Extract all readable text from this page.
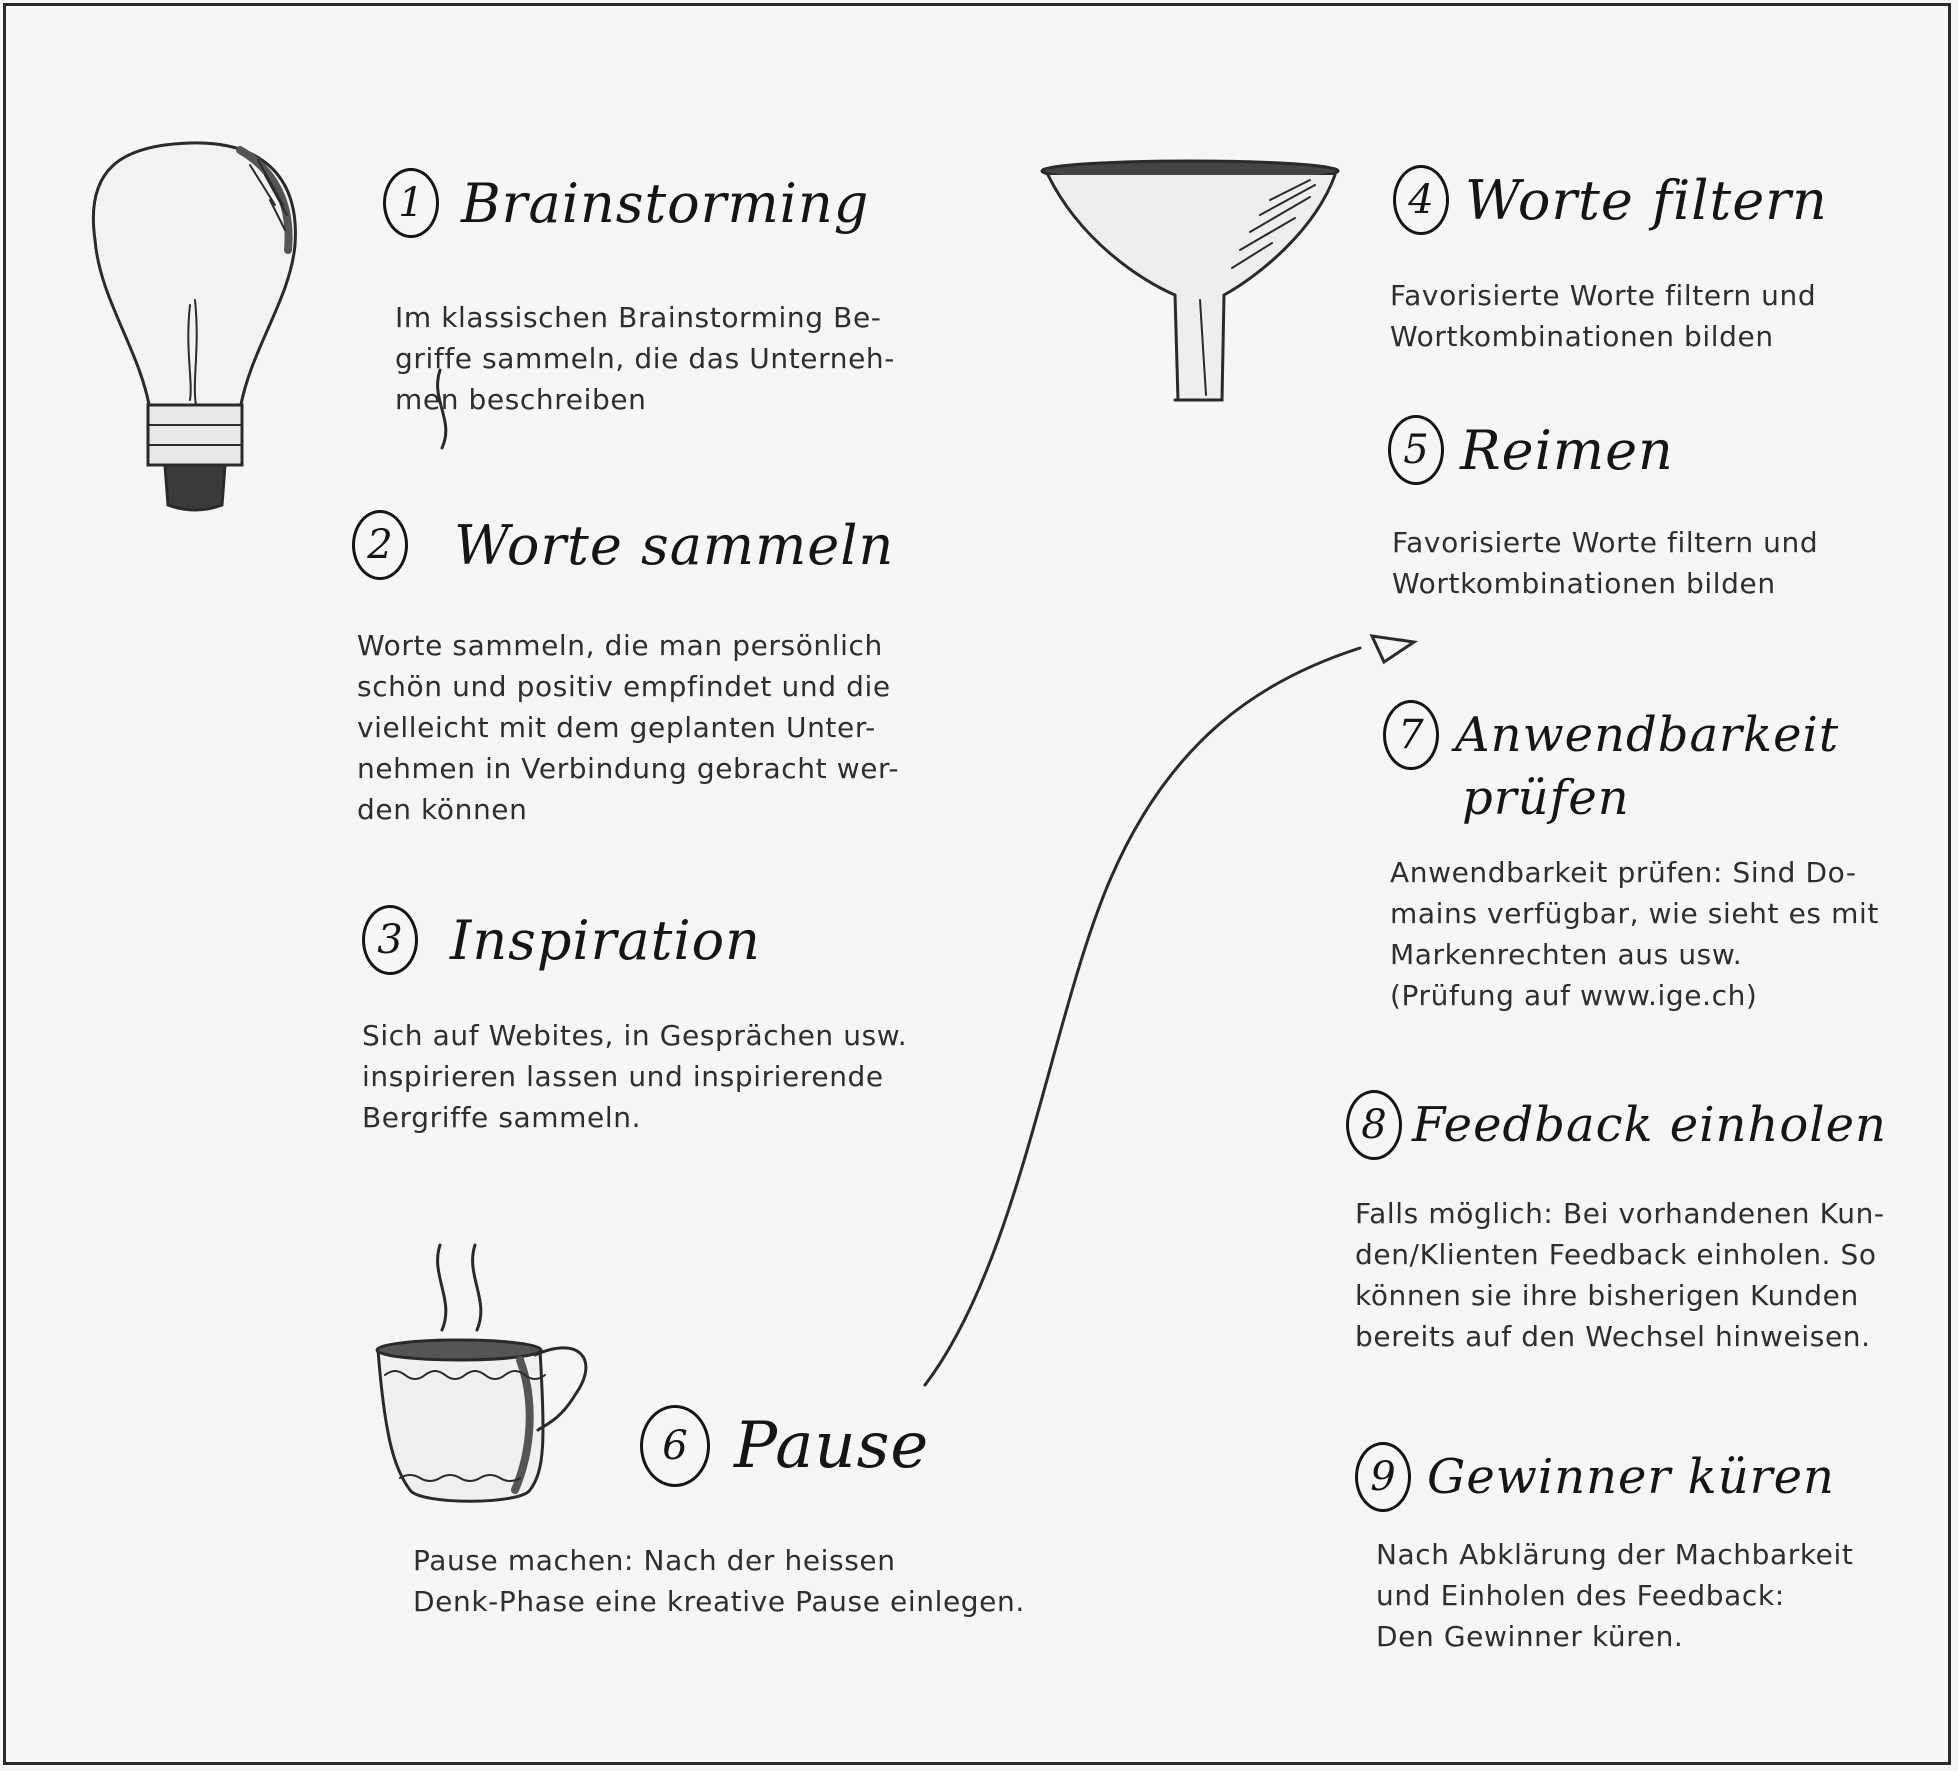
1 Brainstorming
Im klassischen Brainstorming Be-
griffe sammeln, die das Unterneh-
men beschreiben
2 Worte sammeln
Worte sammeln, die man persönlich
schön und positiv empfindet und die
vielleicht mit dem geplanten Unter-
nehmen in Verbindung gebracht wer-
den können
3 Inspiration
Sich auf Webites, in Gesprächen usw.
inspirieren lassen und inspirierende
Bergriffe sammeln.
4 Worte filtern
Favorisierte Worte filtern und
Wortkombinationen bilden
5 Reimen
Favorisierte Worte filtern und
Wortkombinationen bilden
6 Pause
Pause machen: Nach der heissen
Denk-Phase eine kreative Pause einlegen.
7 Anwendbarkeit
prüfen
Anwendbarkeit prüfen: Sind Do-
mains verfügbar, wie sieht es mit
Markenrechten aus usw.
(Prüfung auf www.ige.ch)
8 Feedback einholen
Falls möglich: Bei vorhandenen Kun-
den/Klienten Feedback einholen. So
können sie ihre bisherigen Kunden
bereits auf den Wechsel hinweisen.
9 Gewinner küren
Nach Abklärung der Machbarkeit
und Einholen des Feedback:
Den Gewinner küren.
